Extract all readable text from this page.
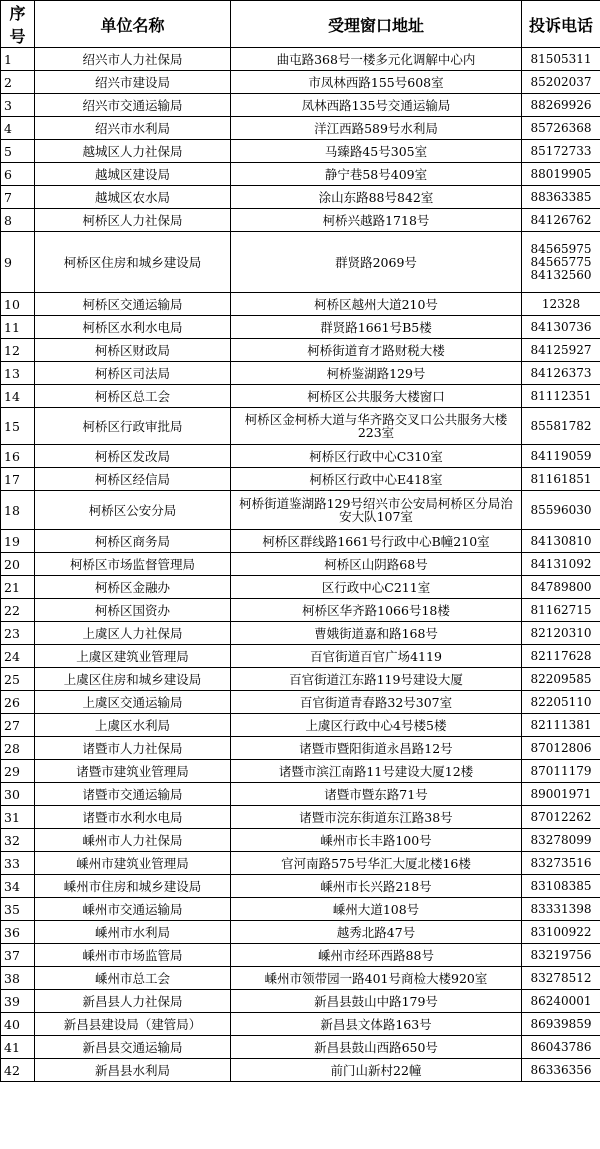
序号	单位名称	受理窗口地址	投诉电话
1	绍兴市人力社保局	曲屯路368号一楼多元化调解中心内	81505311

2	绍兴市建设局	市凤林西路155号608室	85202037

3	绍兴市交通运输局	凤林西路135号交通运输局	88269926

4	绍兴市水利局	洋江西路589号水利局	85726368

5	越城区人力社保局	马臻路45号305室	85172733

6	越城区建设局	静宁巷58号409室	88019905

7	越城区农水局	涂山东路88号842室	88363385

8	柯桥区人力社保局	柯桥兴越路1718号	84126762

9	柯桥区住房和城乡建设局	群贤路2069号	84565975
84565775
84132560

10	柯桥区交通运输局	柯桥区越州大道210号	12328

11	柯桥区水利水电局	群贤路1661号B5楼	84130736

12	柯桥区财政局	柯桥街道育才路财税大楼	84125927

13	柯桥区司法局	柯桥鉴湖路129号	84126373

14	柯桥区总工会	柯桥区公共服务大楼窗口	81112351

15	柯桥区行政审批局	柯桥区金柯桥大道与华齐路交叉口公共服务大楼223室	85581782

16	柯桥区发改局	柯桥区行政中心C310室	84119059

17	柯桥区经信局	柯桥区行政中心E418室	81161851

18	柯桥区公安分局	柯桥街道鉴湖路129号绍兴市公安局柯桥区分局治安大队107室	85596030

19	柯桥区商务局	柯桥区群线路1661号行政中心B幢210室	84130810

20	柯桥区市场监督管理局	柯桥区山阴路68号	84131092

21	柯桥区金融办	区行政中心C211室	84789800

22	柯桥区国资办	柯桥区华齐路1066号18楼	81162715

23	上虞区人力社保局	曹娥街道嘉和路168号	82120310

24	上虞区建筑业管理局	百官街道百官广场4119	82117628

25	上虞区住房和城乡建设局	百官街道江东路119号建设大厦	82209585

26	上虞区交通运输局	百官街道青春路32号307室	82205110

27	上虞区水利局	上虞区行政中心4号楼5楼	82111381

28	诸暨市人力社保局	诸暨市暨阳街道永昌路12号	87012806

29	诸暨市建筑业管理局	诸暨市滨江南路11号建设大厦12楼	87011179

30	诸暨市交通运输局	诸暨市暨东路71号	89001971

31	诸暨市水利水电局	诸暨市浣东街道东江路38号	87012262

32	嵊州市人力社保局	嵊州市长丰路100号	83278099

33	嵊州市建筑业管理局	官河南路575号华汇大厦北楼16楼	83273516

34	嵊州市住房和城乡建设局	嵊州市长兴路218号	83108385

35	嵊州市交通运输局	嵊州大道108号	83331398

36	嵊州市水利局	越秀北路47号	83100922

37	嵊州市市场监管局	嵊州市经环西路88号	83219756

38	嵊州市总工会	嵊州市领带园一路401号商检大楼920室	83278512

39	新昌县人力社保局	新昌县鼓山中路179号	86240001

40	新昌县建设局（建管局）	新昌县文体路163号	86939859

41	新昌县交通运输局	新昌县鼓山西路650号	86043786

42	新昌县水利局	前门山新村22幢	86336356
